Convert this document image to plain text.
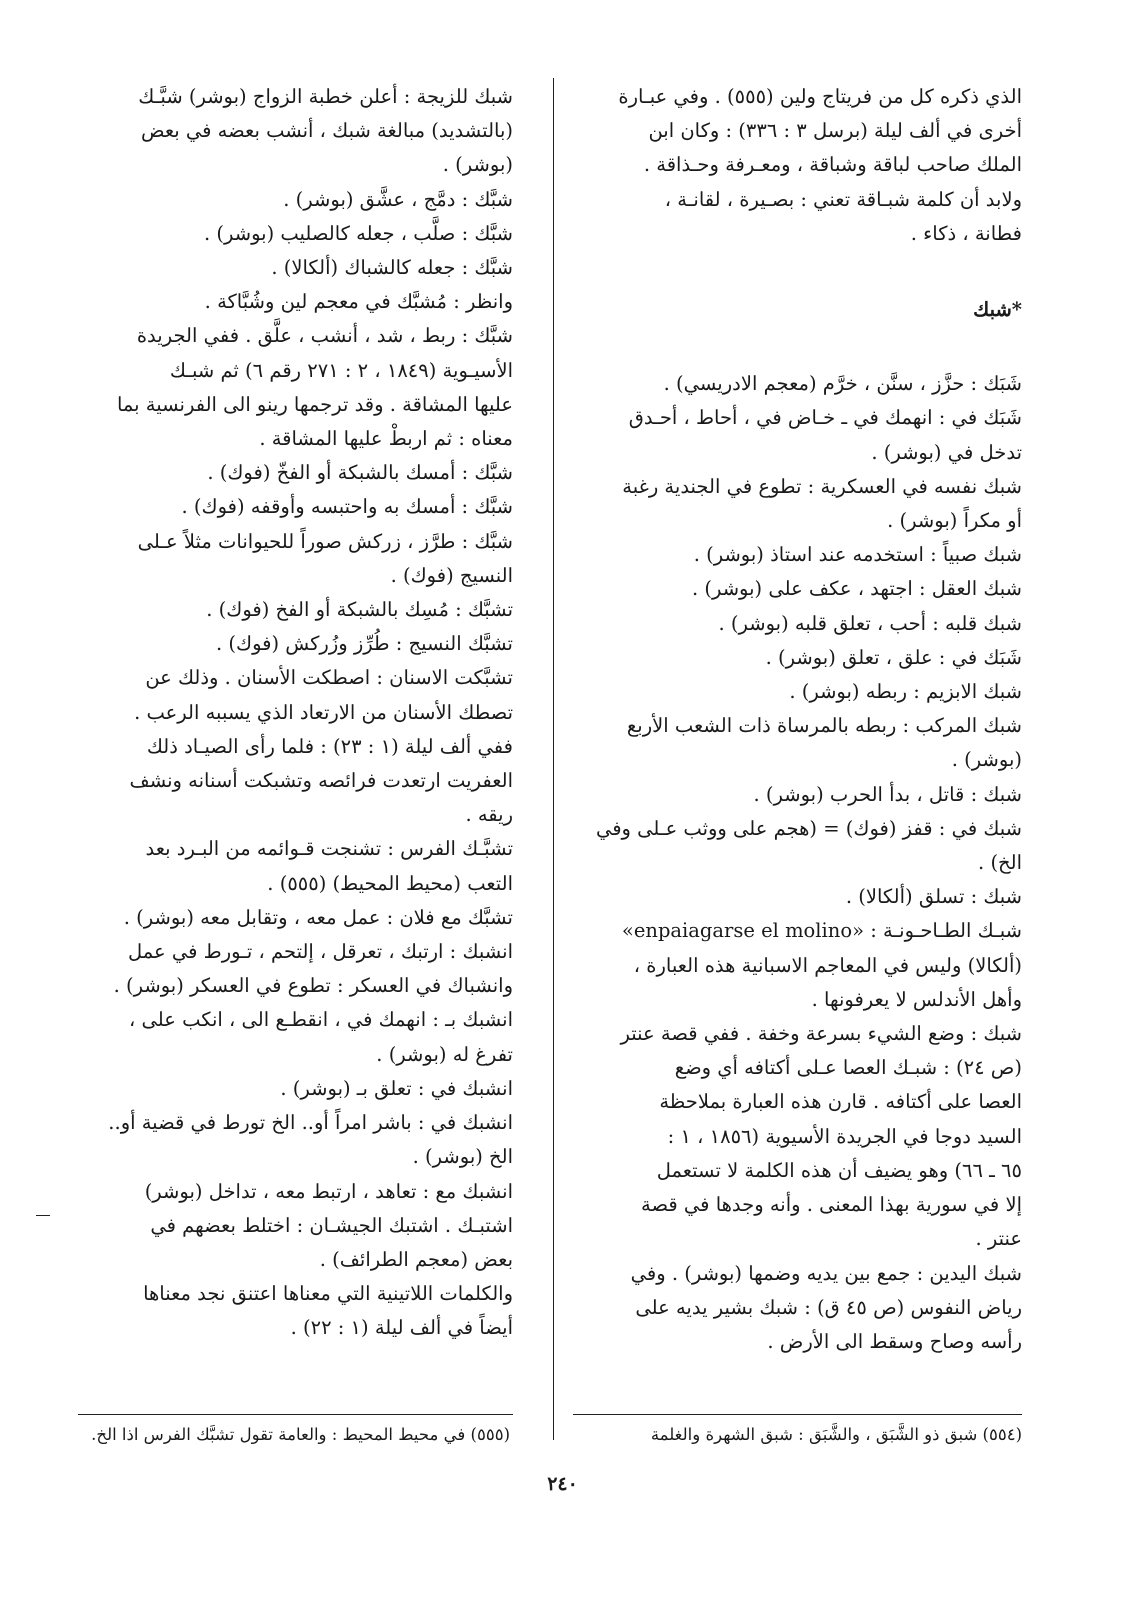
الذي ذكره كل من فريتاج ولين (٥٥٥) . وفي عبـارة

أخرى في ألف ليلة (برسل ٣ : ٣٣٦) : وكان ابن

الملك صاحب لباقة وشباقة ، ومعـرفة وحـذاقة .

ولابد أن كلمة شبـاقة تعني : بصـيرة ، لقانـة ،

فطانة ، ذكاء .

*شبك

شَبَك : حزَّز ، سنَّن ، خرَّم (معجم الادريسي) .

شَبَك في : انهمك في ـ خـاض في ، أحاط ، أحـدق

تدخل في (بوشر) .

شبك نفسه في العسكرية : تطوع في الجندية رغبة

أو مكراً (بوشر) .

شبك صبياً : استخدمه عند استاذ (بوشر) .

شبك العقل : اجتهد ، عكف على (بوشر) .

شبك قلبه : أحب ، تعلق قلبه (بوشر) .

شَبَك في : علق ، تعلق (بوشر) .

شبك الابزيم : ربطه (بوشر) .

شبك المركب : ربطه بالمرساة ذات الشعب الأربع

(بوشر) .

شبك : قاتل ، بدأ الحرب (بوشر) .

شبك في : قفز (فوك) = (هجم على ووثب عـلى وفي

الخ) .

شبك : تسلق (ألكالا) .

شبـك الطـاحـونـة : «enpaiagarse el molino»

(ألكالا) وليس في المعاجم الاسبانية هذه العبارة ،

وأهل الأندلس لا يعرفونها .

شبك : وضع الشيء بسرعة وخفة . ففي قصة عنتر

(ص ٢٤) : شبـك العصا عـلى أكتافه أي وضع

العصا على أكتافه . قارن هذه العبارة بملاحظة

السيد دوجا في الجريدة الأسيوية (١٨٥٦ ، ١ :

٦٥ ـ ٦٦) وهو يضيف أن هذه الكلمة لا تستعمل

إلا في سورية بهذا المعنى . وأنه وجدها في قصة

عنتر .

شبك اليدين : جمع بين يديه وضمها (بوشر) . وفي

رياض النفوس (ص ٤٥ ق) : شبك بشير يديه على

رأسه وصاح وسقط الى الأرض .

شبك للزيجة : أعلن خطبة الزواج (بوشر) شبَّـك

(بالتشديد) مبالغة شبك ، أنشب بعضه في بعض

(بوشر) .

شبَّك : دمَّج ، عشَّق (بوشر) .

شبَّك : صلَّب ، جعله كالصليب (بوشر) .

شبَّك : جعله كالشباك (ألكالا) .

وانظر : مُشبَّك في معجم لين وشُبَّاكة .

شبَّك : ربط ، شد ، أنشب ، علَّق . ففي الجريدة

الأسيـوية (١٨٤٩ ، ٢ : ٢٧١ رقم ٦) ثم شبـك

عليها المشاقة . وقد ترجمها رينو الى الفرنسية بما

معناه : ثم اربطْ عليها المشاقة .

شبَّك : أمسك بالشبكة أو الفخّ (فوك) .

شبَّك : أمسك به واحتبسه وأوقفه (فوك) .

شبَّك : طرَّز ، زركش صوراً للحيوانات مثلاً عـلى

النسيج (فوك) .

تشبَّك : مُسِك بالشبكة أو الفخ (فوك) .

تشبَّك النسيج : طُرِّز وزُركش (فوك) .

تشبَّكت الاسنان : اصطكت الأسنان . وذلك عن

تصطك الأسنان من الارتعاد الذي يسببه الرعب .

ففي ألف ليلة (١ : ٢٣) : فلما رأى الصيـاد ذلك

العفريت ارتعدت فرائصه وتشبكت أسنانه ونشف

ريقه .

تشبَّـك الفرس : تشنجت قـوائمه من البـرد بعد

التعب (محيط المحيط) (٥٥٥) .

تشبَّك مع فلان : عمل معه ، وتقابل معه (بوشر) .

انشبك : ارتبك ، تعرقل ، إلتحم ، تـورط في عمل

وانشباك في العسكر : تطوع في العسكر (بوشر) .

انشبك بـ : انهمك في ، انقطـع الى ، انكب على ،

تفرغ له (بوشر) .

انشبك في : تعلق بـ (بوشر) .

انشبك في : باشر امراً أو.. الخ تورط في قضية أو..

الخ (بوشر) .

انشبك مع : تعاهد ، ارتبط معه ، تداخل (بوشر)

اشتبـك . اشتبك الجيشـان : اختلط بعضهم في

بعض (معجم الطرائف) .

والكلمات اللاتينية التي معناها اعتنق نجد معناها

أيضاً في ألف ليلة (١ : ٢٢) .

(٥٥٤) شبق ذو الشَّبَق ، والشَّبَق : شبق الشهرة والغلمة
(٥٥٥) في محيط المحيط : والعامة تقول تشبَّك الفرس اذا الخ.
٢٤٠
